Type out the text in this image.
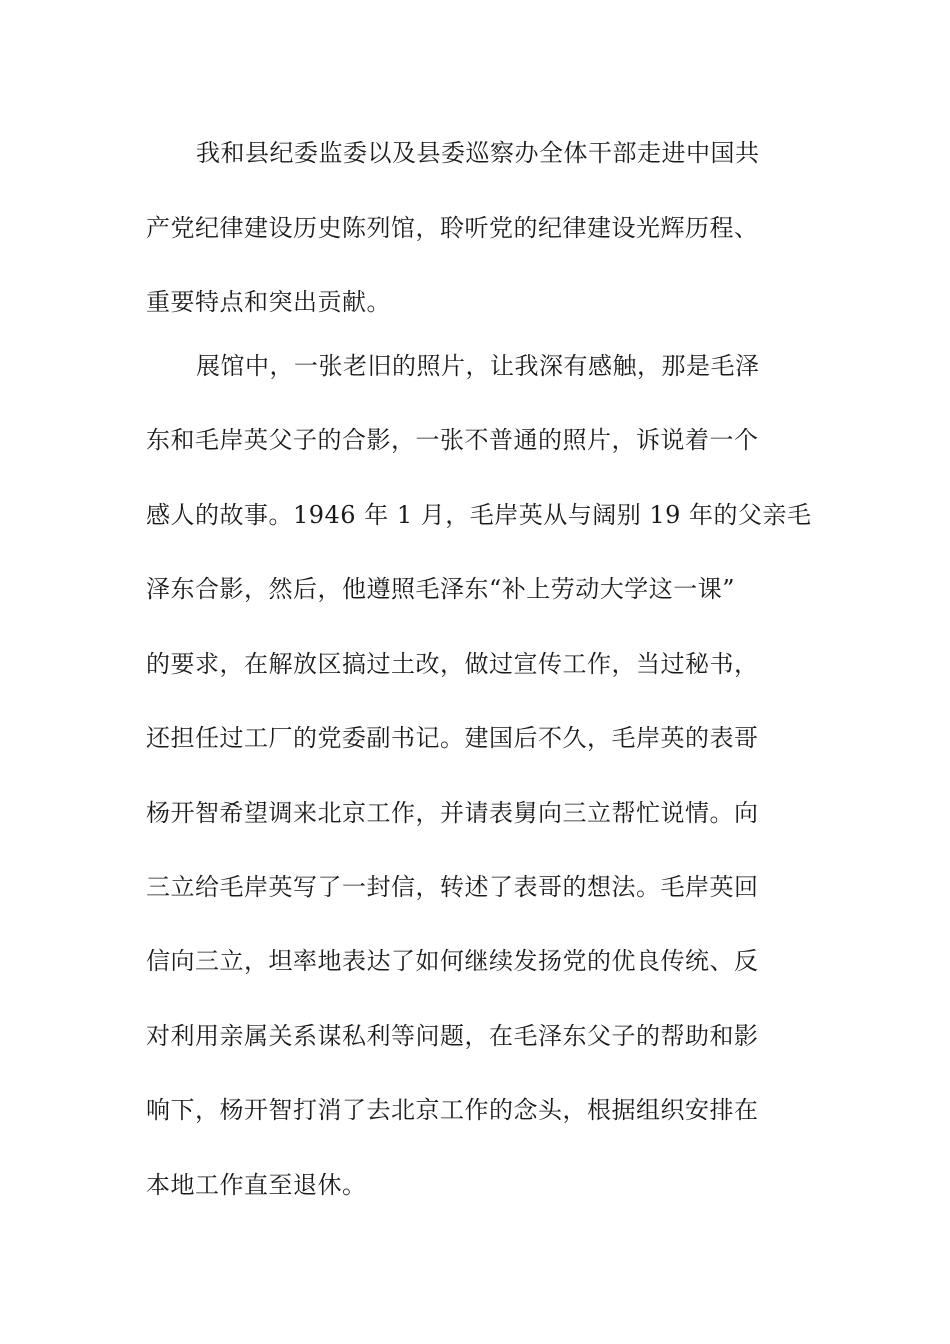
我和县纪委监委以及县委巡察办全体干部走进中国共
产党纪律建设历史陈列馆，聆听党的纪律建设光辉历程、
重要特点和突出贡献。
展馆中，一张老旧的照片，让我深有感触，那是毛泽
东和毛岸英父子的合影，一张不普通的照片，诉说着一个
感人的故事。1946 年 1 月，毛岸英从与阔别 19 年的父亲毛
泽东合影，然后，他遵照毛泽东“补上劳动大学这一课”
的要求，在解放区搞过土改，做过宣传工作，当过秘书，
还担任过工厂的党委副书记。建国后不久，毛岸英的表哥
杨开智希望调来北京工作，并请表舅向三立帮忙说情。向
三立给毛岸英写了一封信，转述了表哥的想法。毛岸英回
信向三立，坦率地表达了如何继续发扬党的优良传统、反
对利用亲属关系谋私利等问题，在毛泽东父子的帮助和影
响下，杨开智打消了去北京工作的念头，根据组织安排在
本地工作直至退休。
